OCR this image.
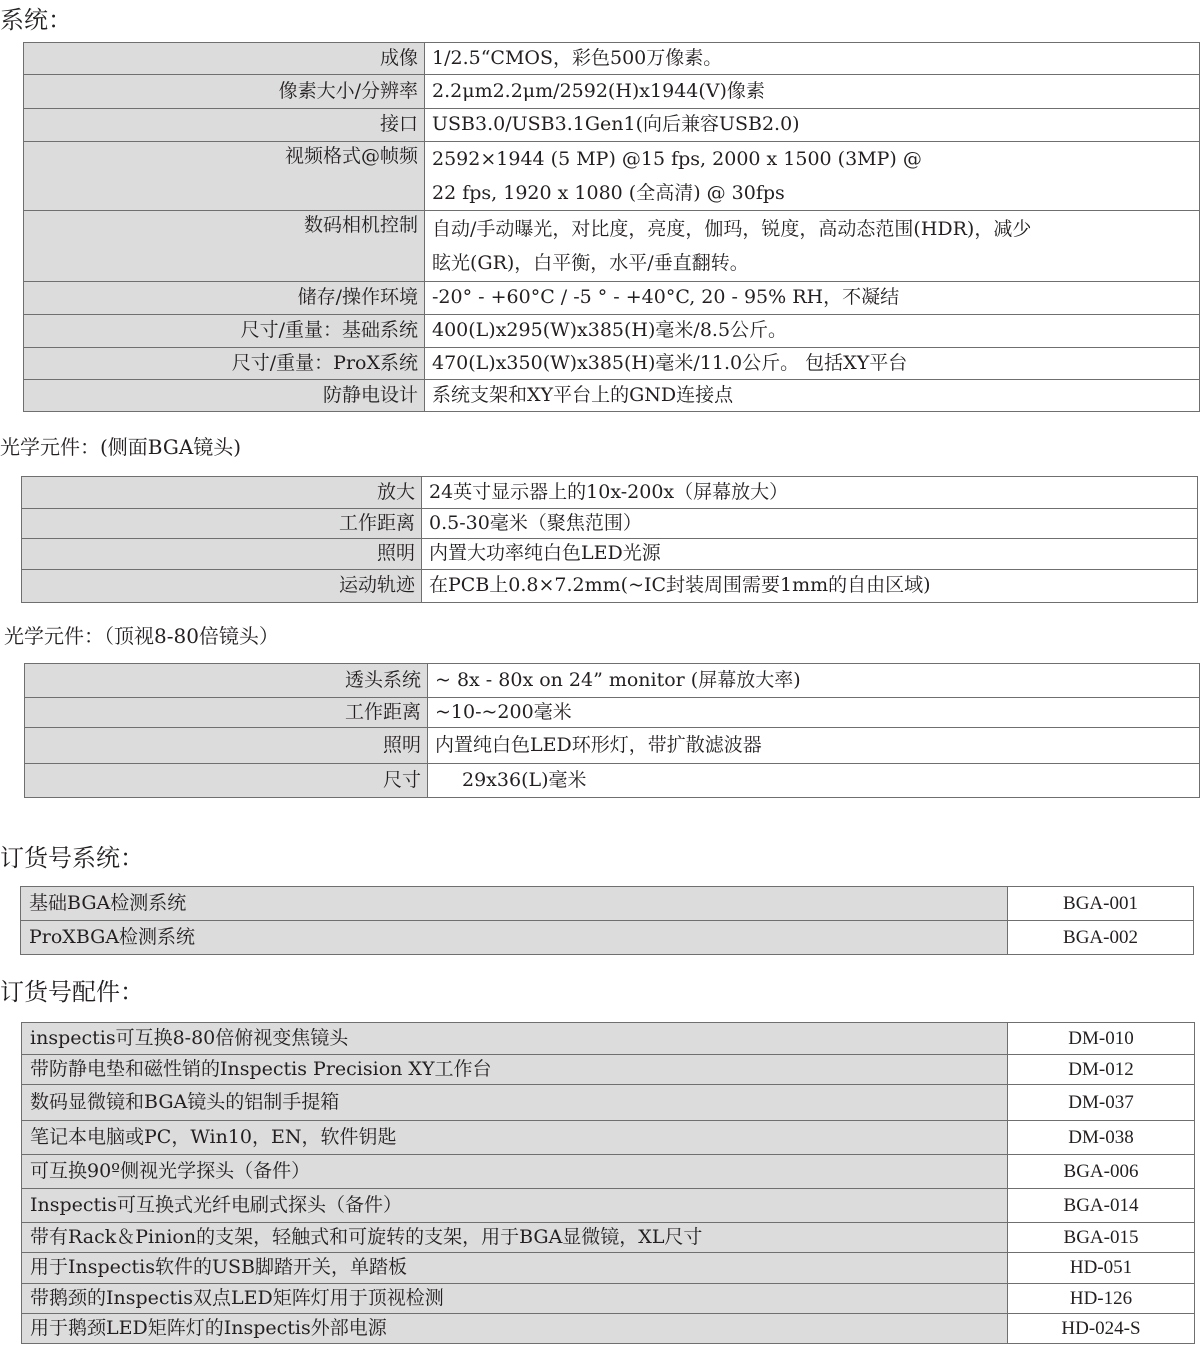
系统：
成像	1/2.5“CMOS，彩色500万像素。
像素大小/分辨率	2.2μm2.2μm/2592(H)x1944(V)像素
接口	USB3.0/USB3.1Gen1(向后兼容USB2.0)
视频格式@帧频	2592×1944 (5 MP) @15 fps, 2000 x 1500 (3MP) @
22 fps, 1920 x 1080 (全高清) @ 30fps

数码相机控制	自动/手动曝光，对比度，亮度，伽玛，锐度，高动态范围(HDR)，减少
眩光(GR)，白平衡，水平/垂直翻转。

储存/操作环境	-20° - +60°C / -5 ° - +40°C, 20 - 95% RH，不凝结
尺寸/重量：基础系统	400(L)x295(W)x385(H)毫米/8.5公斤。
尺寸/重量：ProX系统	470(L)x350(W)x385(H)毫米/11.0公斤。 包括XY平台
防静电设计	系统支架和XY平台上的GND连接点
光学元件：(侧面BGA镜头)
放大	24英寸显示器上的10x-200x（屏幕放大）
工作距离	0.5-30毫米（聚焦范围）
照明	内置大功率纯白色LED光源
运动轨迹	在PCB上0.8×7.2mm(~IC封装周围需要1mm的自由区域)
光学元件：（顶视8-80倍镜头）
透头系统	~ 8x - 80x on 24” monitor (屏幕放大率)
工作距离	~10-~200毫米
照明	内置纯白色LED环形灯，带扩散滤波器
尺寸	29x36(L)毫米
订货号系统：
基础BGA检测系统	BGA-001
ProXBGA检测系统	BGA-002
订货号配件：
inspectis可互换8-80倍俯视变焦镜头	DM-010
带防静电垫和磁性销的Inspectis Precision XY工作台	DM-012
数码显微镜和BGA镜头的铝制手提箱	DM-037
笔记本电脑或PC，Win10，EN，软件钥匙	DM-038
可互换90º侧视光学探头（备件）	BGA-006
Inspectis可互换式光纤电刷式探头（备件）	BGA-014
带有Rack＆Pinion的支架，轻触式和可旋转的支架，用于BGA显微镜，XL尺寸	BGA-015
用于Inspectis软件的USB脚踏开关，单踏板	HD-051
带鹅颈的Inspectis双点LED矩阵灯用于顶视检测	HD-126
用于鹅颈LED矩阵灯的Inspectis外部电源	HD-024-S
